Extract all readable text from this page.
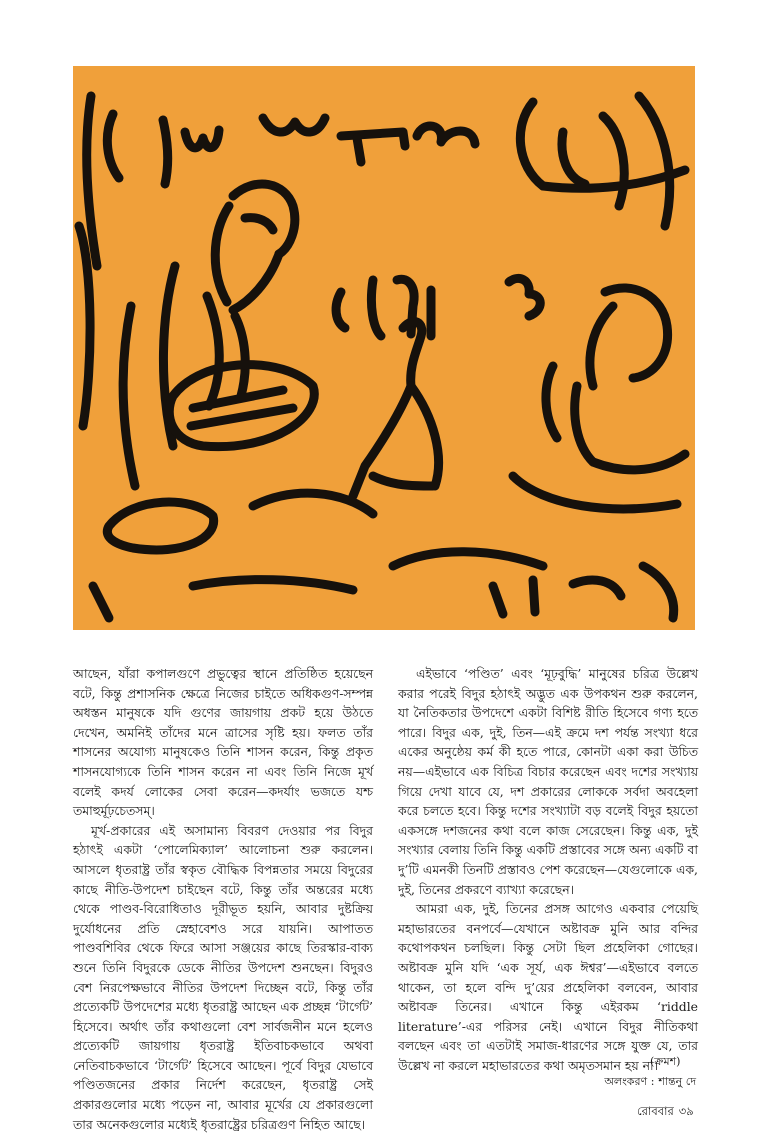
আছেন, যাঁরা কপালগুণে প্রভুত্বের স্থানে প্রতিষ্ঠিত হয়েছেন বটে, কিন্তু প্রশাসনিক ক্ষেত্রে নিজের চাইতে অধিকগুণ-সম্পন্ন অধস্তন মানুষকে যদি গুণের জায়গায় প্রকট হয়ে উঠতে দেখেন, অমনিই তাঁদের মনে ত্রাসের সৃষ্টি হয়। ফলত তাঁর শাসনের অযোগ্য মানুষকেও তিনি শাসন করেন, কিন্তু প্রকৃত শাসনযোগ্যকে তিনি শাসন করেন না এবং তিনি নিজে মূর্খ বলেই কদর্য লোকের সেবা করেন—কদর্যাং ভজতে যশ্চ তমাহুর্মূঢ়চেতসম্।

মূর্খ-প্রকারের এই অসামান্য বিবরণ দেওয়ার পর বিদুর হঠাৎই একটা ‘পোলেমিক্যাল’ আলোচনা শুরু করলেন। আসলে ধৃতরাষ্ট্র তাঁর স্বকৃত বৌদ্ধিক বিপন্নতার সময়ে বিদুরের কাছে নীতি-উপদেশ চাইছেন বটে, কিন্তু তাঁর অন্তরের মধ্যে থেকে পাণ্ডব-বিরোধিতাও দূরীভূত হয়নি, আবার দুষ্টক্রিয় দুর্যোধনের প্রতি স্নেহাবেশও সরে যায়নি। আপাতত পাণ্ডবশিবির থেকে ফিরে আসা সঞ্জয়ের কাছে তিরস্কার-বাক্য শুনে তিনি বিদুরকে ডেকে নীতির উপদেশ শুনছেন। বিদুরও বেশ নিরপেক্ষভাবে নীতির উপদেশ দিচ্ছেন বটে, কিন্তু তাঁর প্রত্যেকটি উপদেশের মধ্যে ধৃতরাষ্ট্র আছেন এক প্রচ্ছন্ন ‘টার্গেট’ হিসেবে। অর্থাৎ তাঁর কথাগুলো বেশ সার্বজনীন মনে হলেও প্রত্যেকটি জায়গায় ধৃতরাষ্ট্র ইতিবাচকভাবে অথবা নেতিবাচকভাবে ‘টার্গেট’ হিসেবে আছেন। পূর্বে বিদুর যেভাবে পণ্ডিতজনের প্রকার নির্দেশ করেছেন, ধৃতরাষ্ট্র সেই প্রকারগুলোর মধ্যে পড়েন না, আবার মূর্খের যে প্রকারগুলো তার অনেকগুলোর মধ্যেই ধৃতরাষ্ট্রের চরিত্রগুণ নিহিত আছে।

এইভাবে ‘পণ্ডিত’ এবং ‘মূঢ়বুদ্ধি’ মানুষের চরিত্র উল্লেখ করার পরেই বিদুর হঠাৎই অদ্ভুত এক উপকথন শুরু করলেন, যা নৈতিকতার উপদেশে একটা বিশিষ্ট রীতি হিসেবে গণ্য হতে পারে। বিদুর এক, দুই, তিন—এই ক্রমে দশ পর্যন্ত সংখ্যা ধরে একের অনুষ্ঠেয় কর্ম কী হতে পারে, কোনটা একা করা উচিত নয়—এইভাবে এক বিচিত্র বিচার করেছেন এবং দশের সংখ্যায় গিয়ে দেখা যাবে যে, দশ প্রকারের লোককে সর্বদা অবহেলা করে চলতে হবে। কিন্তু দশের সংখ্যাটা বড় বলেই বিদুর হয়তো একসঙ্গে দশজনের কথা বলে কাজ সেরেছেন। কিন্তু এক, দুই সংখ্যার বেলায় তিনি কিন্তু একটি প্রস্তাবের সঙ্গে অন্য একটি বা দু’টি এমনকী তিনটি প্রস্তাবও পেশ করেছেন—যেগুলোকে এক, দুই, তিনের প্রকরণে ব্যাখ্যা করেছেন।

আমরা এক, দুই, তিনের প্রসঙ্গ আগেও একবার পেয়েছি মহাভারতের বনপর্বে—যেখানে অষ্টাবক্র মুনি আর বন্দির কথোপকথন চলছিল। কিন্তু সেটা ছিল প্রহেলিকা গোছের। অষ্টাবক্র মুনি যদি ‘এক সূর্য, এক ঈশ্বর’—এইভাবে বলতে থাকেন, তা হলে বন্দি দু’য়ের প্রহেলিকা বলবেন, আবার অষ্টাবক্র তিনের। এখানে কিন্তু এইরকম ‘riddle literature’-এর পরিসর নেই। এখানে বিদুর নীতিকথা বলছেন এবং তা এতটাই সমাজ-ধারণের সঙ্গে যুক্ত যে, তার উল্লেখ না করলে মহাভারতের কথা অমৃতসমান হয় না।

(ক্রমশ)
অলংকরণ : শান্তনু দে
রোববার ৩৯
